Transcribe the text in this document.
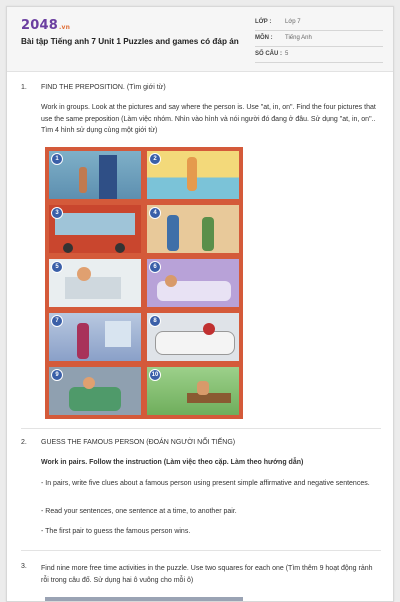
2048.vn
Bài tập Tiếng anh 7 Unit 1 Puzzles and games có đáp án
LỚP : Lớp 7
MÔN : Tiếng Anh
SỐ CÂU : 5
1. FIND THE PREPOSITION. (Tìm giới từ)
Work in groups. Look at the pictures and say where the person is. Use "at, in, on". Find the four pictures that use the same preposition (Làm việc nhóm. Nhìn vào hình và nói người đó đang ở đâu. Sử dụng "at, in, on".. Tìm 4 hình sử dụng cùng một giới từ)
1	2
3	4
5	6
7	8
9	10
2. GUESS THE FAMOUS PERSON (ĐOÁN NGƯỜI NỔI TIẾNG)
Work in pairs. Follow the instruction (Làm việc theo cặp. Làm theo hướng dẫn)
- In pairs, write five clues about a famous person using present simple affirmative and negative sentences.
- Read your sentences, one sentence at a time, to another pair.
- The first pair to guess the famous person wins.
3. Find nine more free time activities in the puzzle. Use two squares for each one (Tìm thêm 9 hoạt động rảnh rỗi trong câu đố. Sử dụng hai ô vuông cho mỗi ô)
